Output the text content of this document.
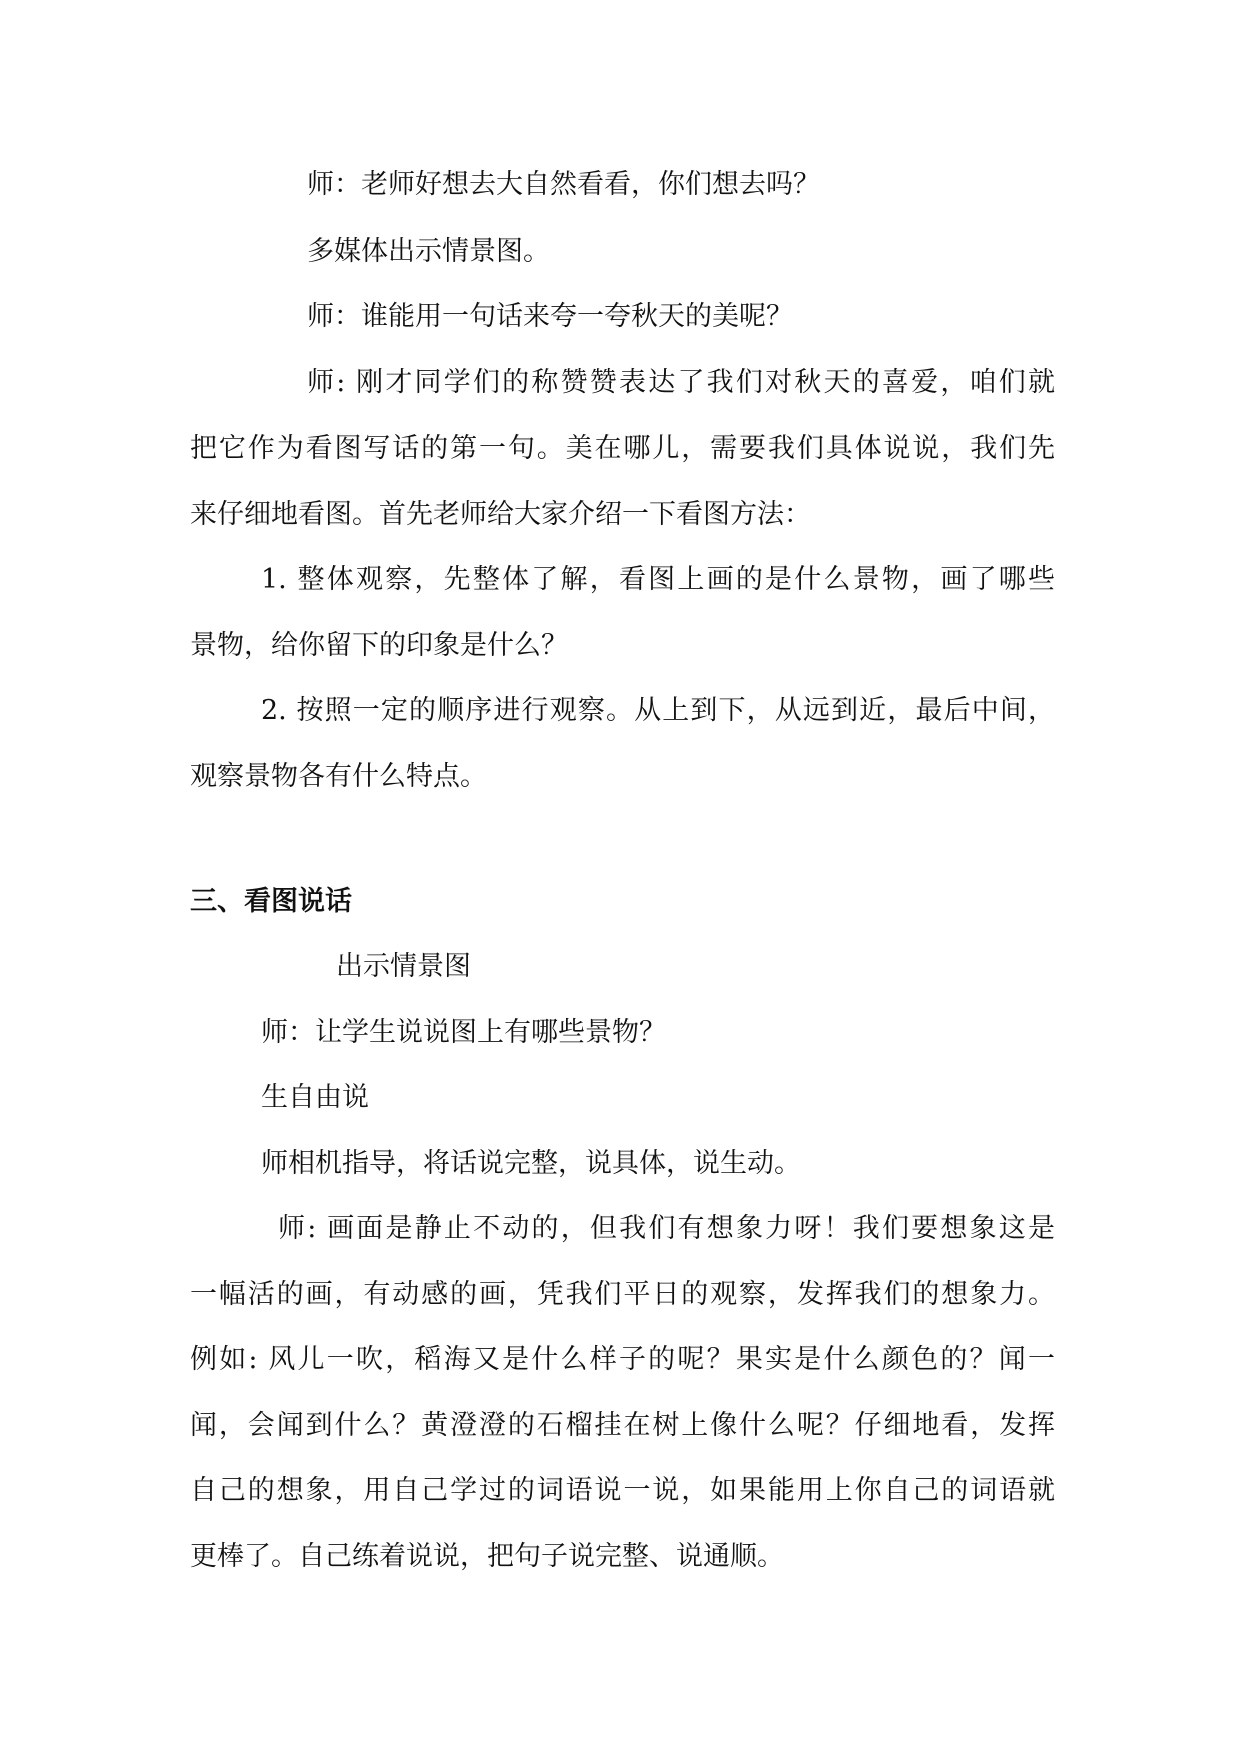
师：老师好想去大自然看看，你们想去吗？
多媒体出示情景图。
师：谁能用一句话来夸一夸秋天的美呢？
师: 刚才同学们的称赞赞表达了我们对秋天的喜爱，咱们就
把它作为看图写话的第一句。美在哪儿，需要我们具体说说，我们先
来仔细地看图。首先老师给大家介绍一下看图方法：
1. 整体观察，先整体了解，看图上画的是什么景物，画了哪些
景物，给你留下的印象是什么？
2. 按照一定的顺序进行观察。从上到下，从远到近，最后中间，
观察景物各有什么特点。
三、看图说话
出示情景图
师：让学生说说图上有哪些景物？
生自由说
师相机指导，将话说完整，说具体，说生动。
师: 画面是静止不动的，但我们有想象力呀！我们要想象这是
一幅活的画，有动感的画，凭我们平日的观察，发挥我们的想象力。
例如: 风儿一吹，稻海又是什么样子的呢？果实是什么颜色的？闻一
闻，会闻到什么？黄澄澄的石榴挂在树上像什么呢？仔细地看，发挥
自己的想象，用自己学过的词语说一说，如果能用上你自己的词语就
更棒了。自己练着说说，把句子说完整、说通顺。
